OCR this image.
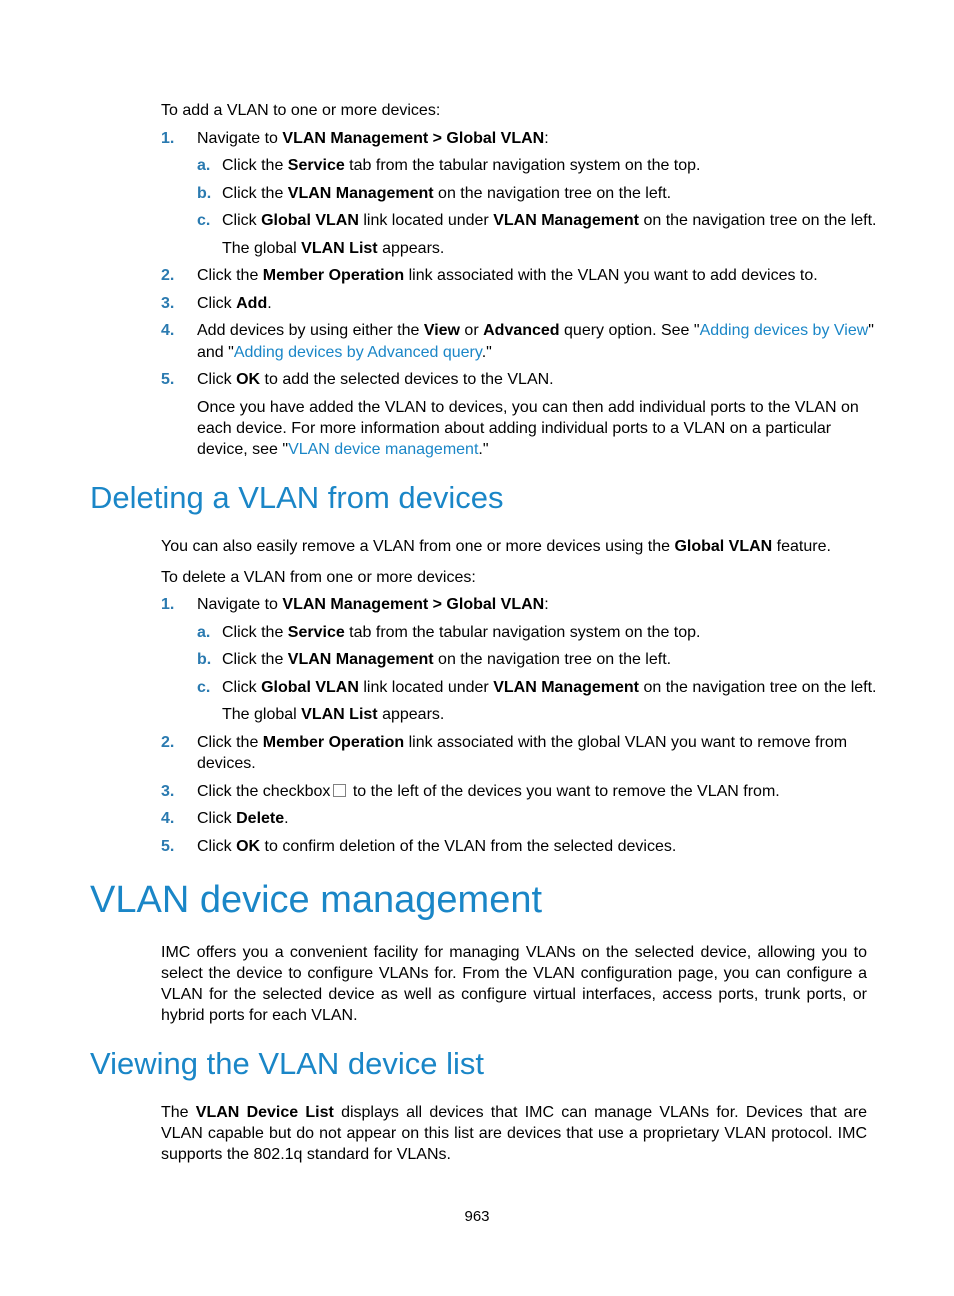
To add a VLAN to one or more devices:
1. Navigate to VLAN Management > Global VLAN:
a. Click the Service tab from the tabular navigation system on the top.
b. Click the VLAN Management on the navigation tree on the left.
c. Click Global VLAN link located under VLAN Management on the navigation tree on the left.
The global VLAN List appears.
2. Click the Member Operation link associated with the VLAN you want to add devices to.
3. Click Add.
4. Add devices by using either the View or Advanced query option. See "Adding devices by View"
and "Adding devices by Advanced query."
5. Click OK to add the selected devices to the VLAN.
Once you have added the VLAN to devices, you can then add individual ports to the VLAN on each device. For more information about adding individual ports to a VLAN on a particular device, see "VLAN device management."
Deleting a VLAN from devices
You can also easily remove a VLAN from one or more devices using the Global VLAN feature.
To delete a VLAN from one or more devices:
1. Navigate to VLAN Management > Global VLAN:
a. Click the Service tab from the tabular navigation system on the top.
b. Click the VLAN Management on the navigation tree on the left.
c. Click Global VLAN link located under VLAN Management on the navigation tree on the left.
The global VLAN List appears.
2. Click the Member Operation link associated with the global VLAN you want to remove from devices.
3. Click the checkbox to the left of the devices you want to remove the VLAN from.
4. Click Delete.
5. Click OK to confirm deletion of the VLAN from the selected devices.
VLAN device management
IMC offers you a convenient facility for managing VLANs on the selected device, allowing you to select the device to configure VLANs for. From the VLAN configuration page, you can configure a VLAN for the selected device as well as configure virtual interfaces, access ports, trunk ports, or hybrid ports for each VLAN.
Viewing the VLAN device list
The VLAN Device List displays all devices that IMC can manage VLANs for. Devices that are VLAN capable but do not appear on this list are devices that use a proprietary VLAN protocol. IMC supports the 802.1q standard for VLANs.
963
